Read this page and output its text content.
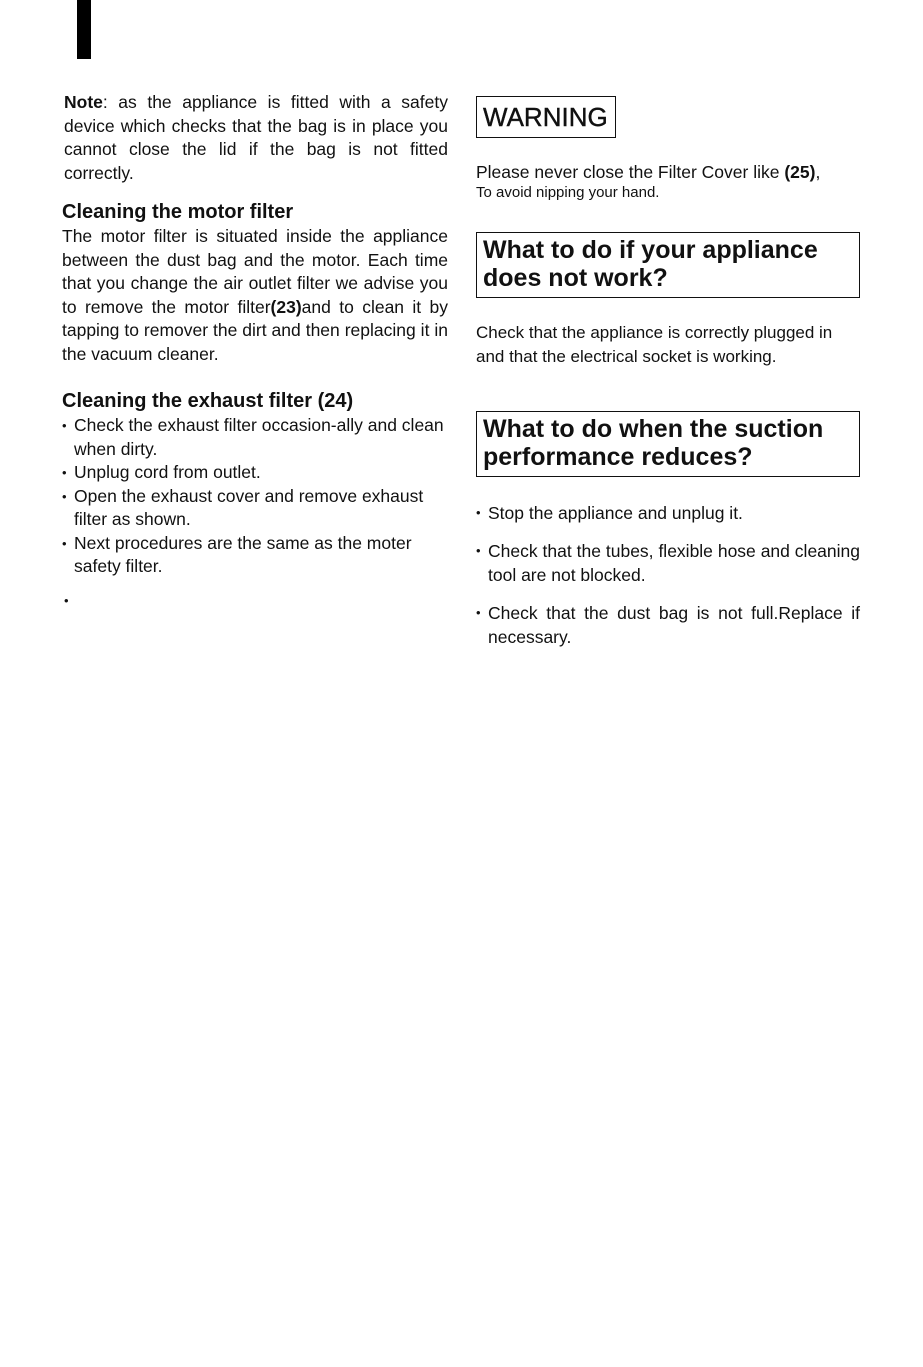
Note: as the appliance is fitted with a safety device which checks that the bag is in place you cannot close the lid if the bag is not fitted correctly.

Cleaning the motor filter

The motor filter is situated inside the appliance between the dust bag and the motor. Each time that you change the air outlet filter we advise you to remove the motor filter(23)and to clean it by tapping to remover the dirt and then replacing it in the vacuum cleaner.

Cleaning the exhaust filter (24)
• Check the exhaust filter occasion-ally and clean when dirty.
• Unplug cord from outlet.
• Open the exhaust cover and remove exhaust filter as shown.
• Next procedures are the same as the moter safety filter.
•
WARNING

Please never close the Filter Cover like (25),

To avoid nipping your hand.

What to do if your appliance does not work?

Check that the appliance is correctly plugged in and that the electrical socket is working.

What to do when the suction performance reduces?
• Stop the appliance and unplug it.
• Check that the tubes, flexible hose and cleaning tool are not blocked.
• Check that the dust bag is not full.Replace if necessary.
